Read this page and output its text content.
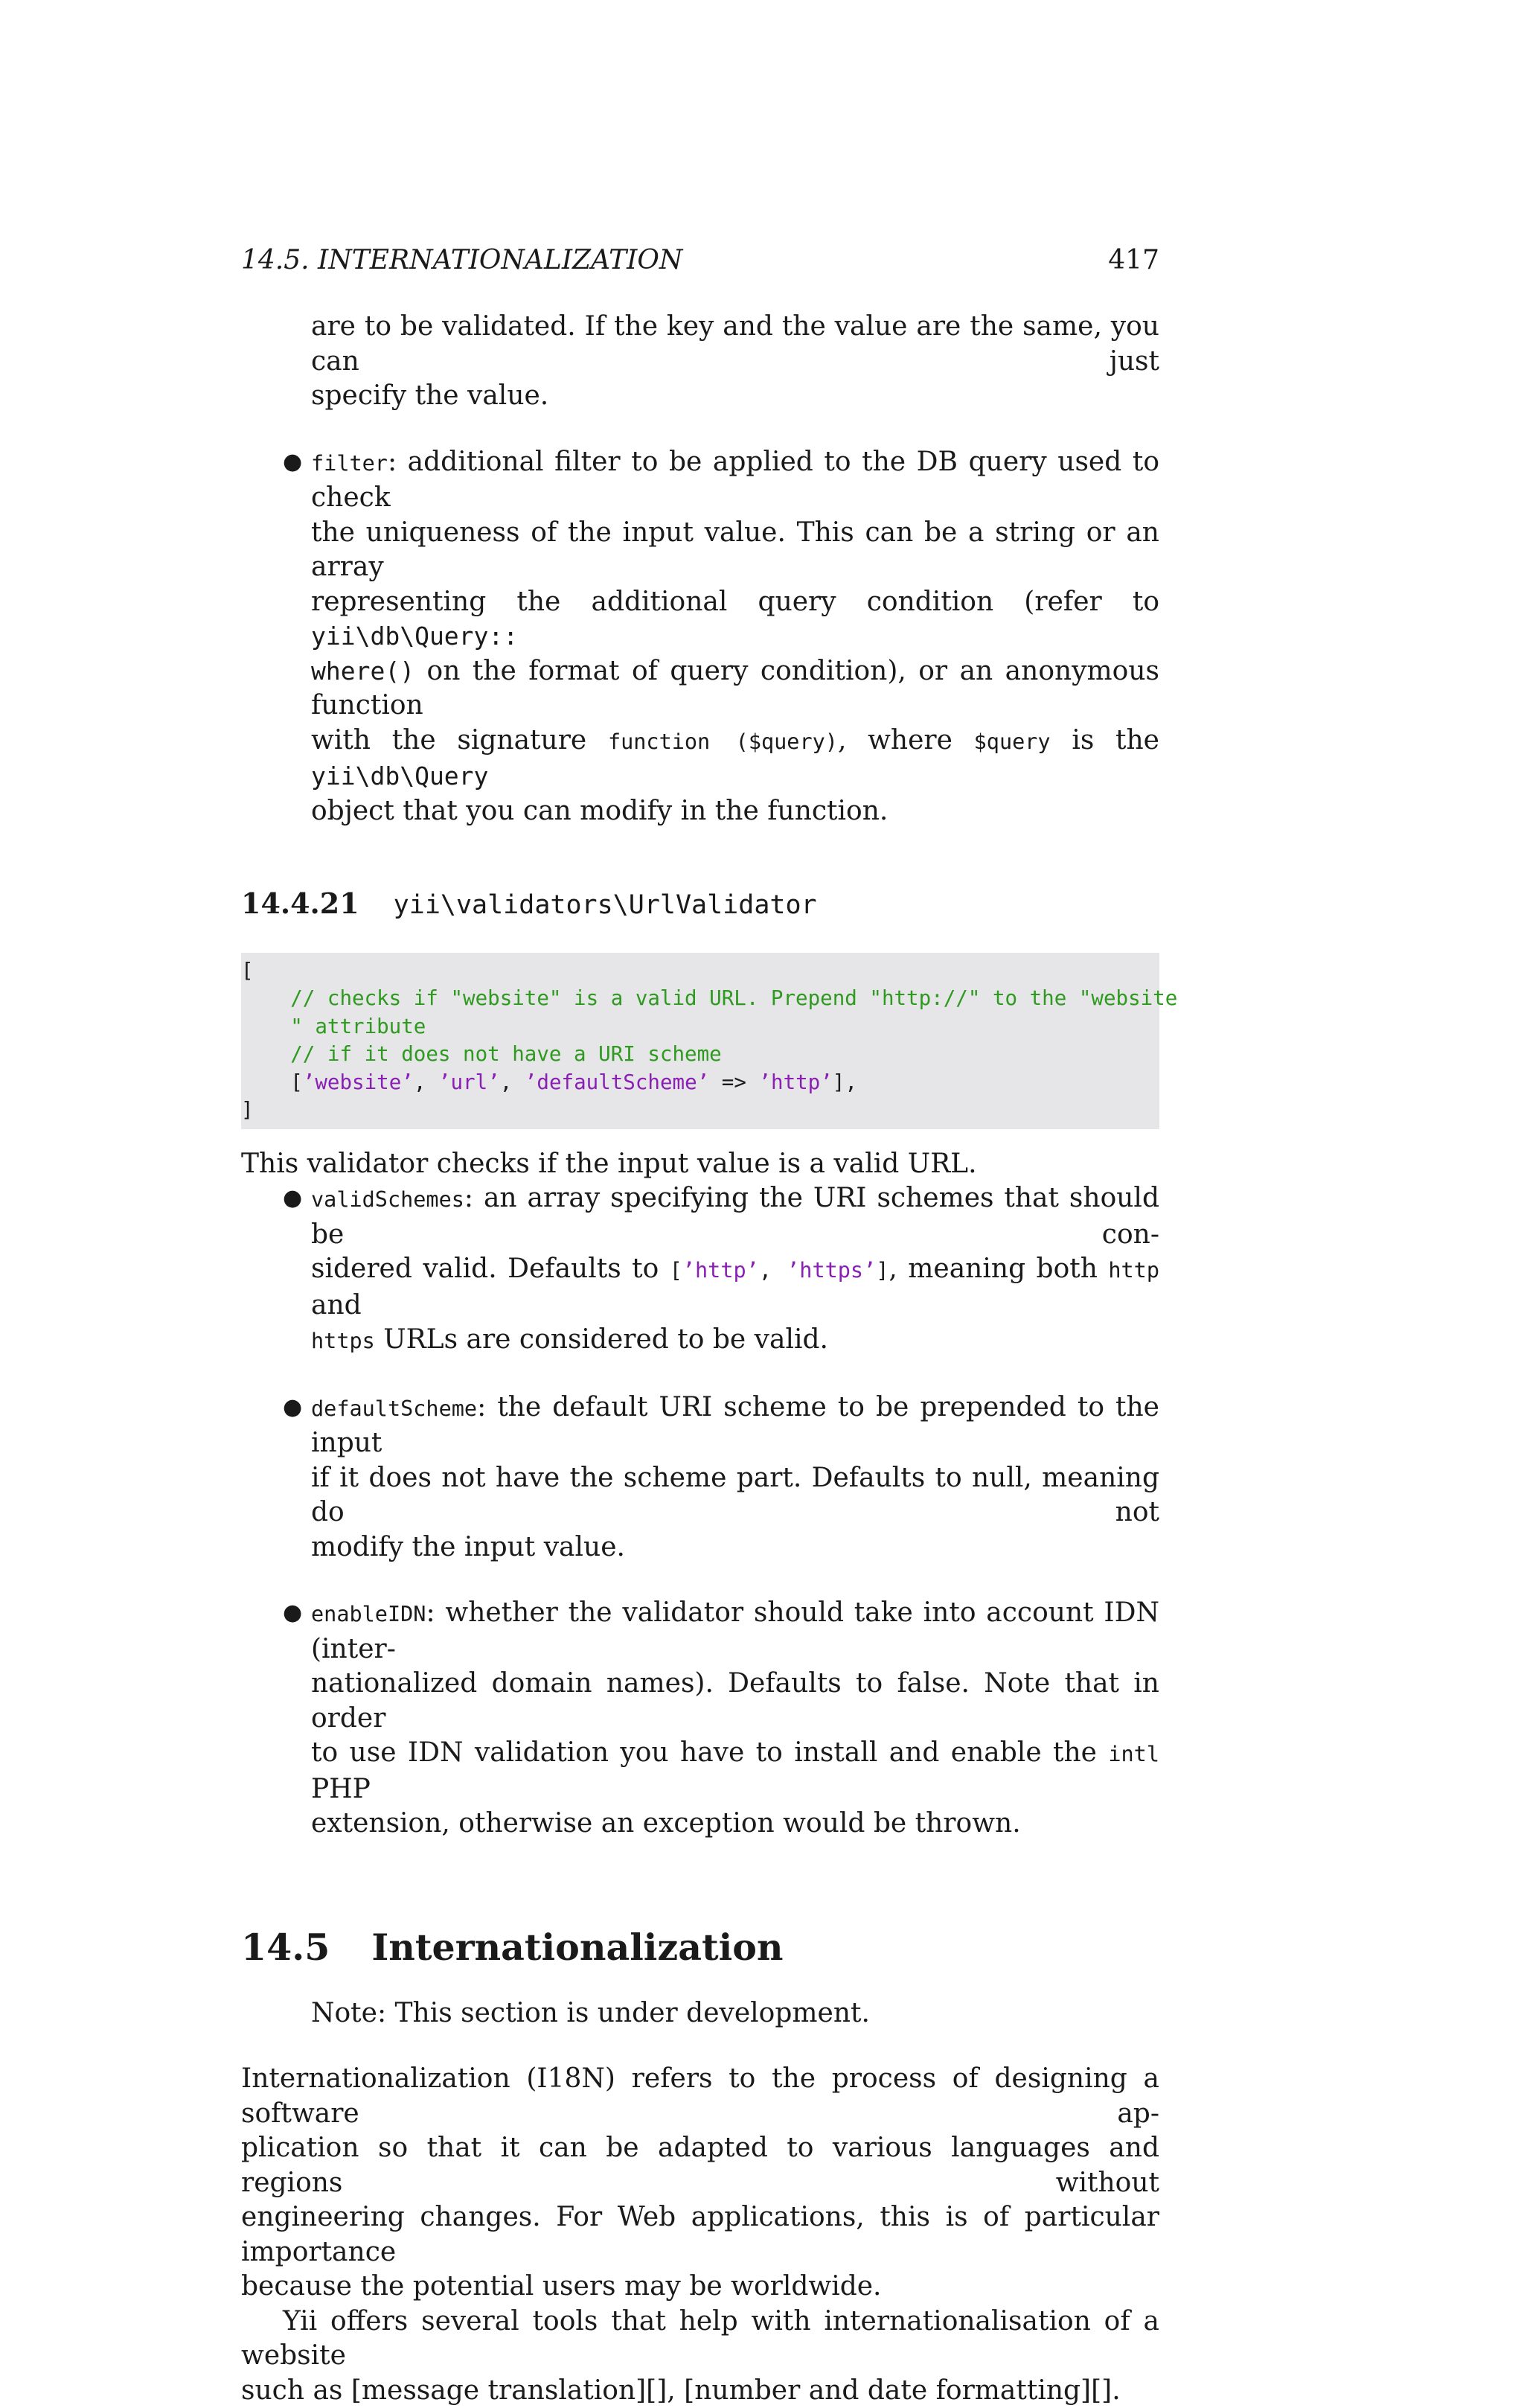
14.5. INTERNATIONALIZATION	417
are to be validated. If the key and the value are the same, you can just
specify the value.
● filter: additional filter to be applied to the DB query used to check
the uniqueness of the input value. This can be a string or an array
representing the additional query condition (refer to yii\db\Query::
where() on the format of query condition), or an anonymous function
with the signature function ($query), where $query is the yii\db\Query
object that you can modify in the function.
14.4.21 yii\validators\UrlValidator
[
// checks if "website" is a valid URL. Prepend "http://" to the "website
" attribute
// if it does not have a URI scheme
[’website’, ’url’, ’defaultScheme’ => ’http’],
]
This validator checks if the input value is a valid URL.
● validSchemes: an array specifying the URI schemes that should be con-
sidered valid. Defaults to [’http’, ’https’], meaning both http and
https URLs are considered to be valid.
● defaultScheme: the default URI scheme to be prepended to the input
if it does not have the scheme part. Defaults to null, meaning do not
modify the input value.
● enableIDN: whether the validator should take into account IDN (inter-
nationalized domain names). Defaults to false. Note that in order
to use IDN validation you have to install and enable the intl PHP
extension, otherwise an exception would be thrown.
14.5 Internationalization
Note: This section is under development.
Internationalization (I18N) refers to the process of designing a software ap-
plication so that it can be adapted to various languages and regions without
engineering changes. For Web applications, this is of particular importance
because the potential users may be worldwide.
Yii offers several tools that help with internationalisation of a website
such as [message translation][], [number and date formatting][].
